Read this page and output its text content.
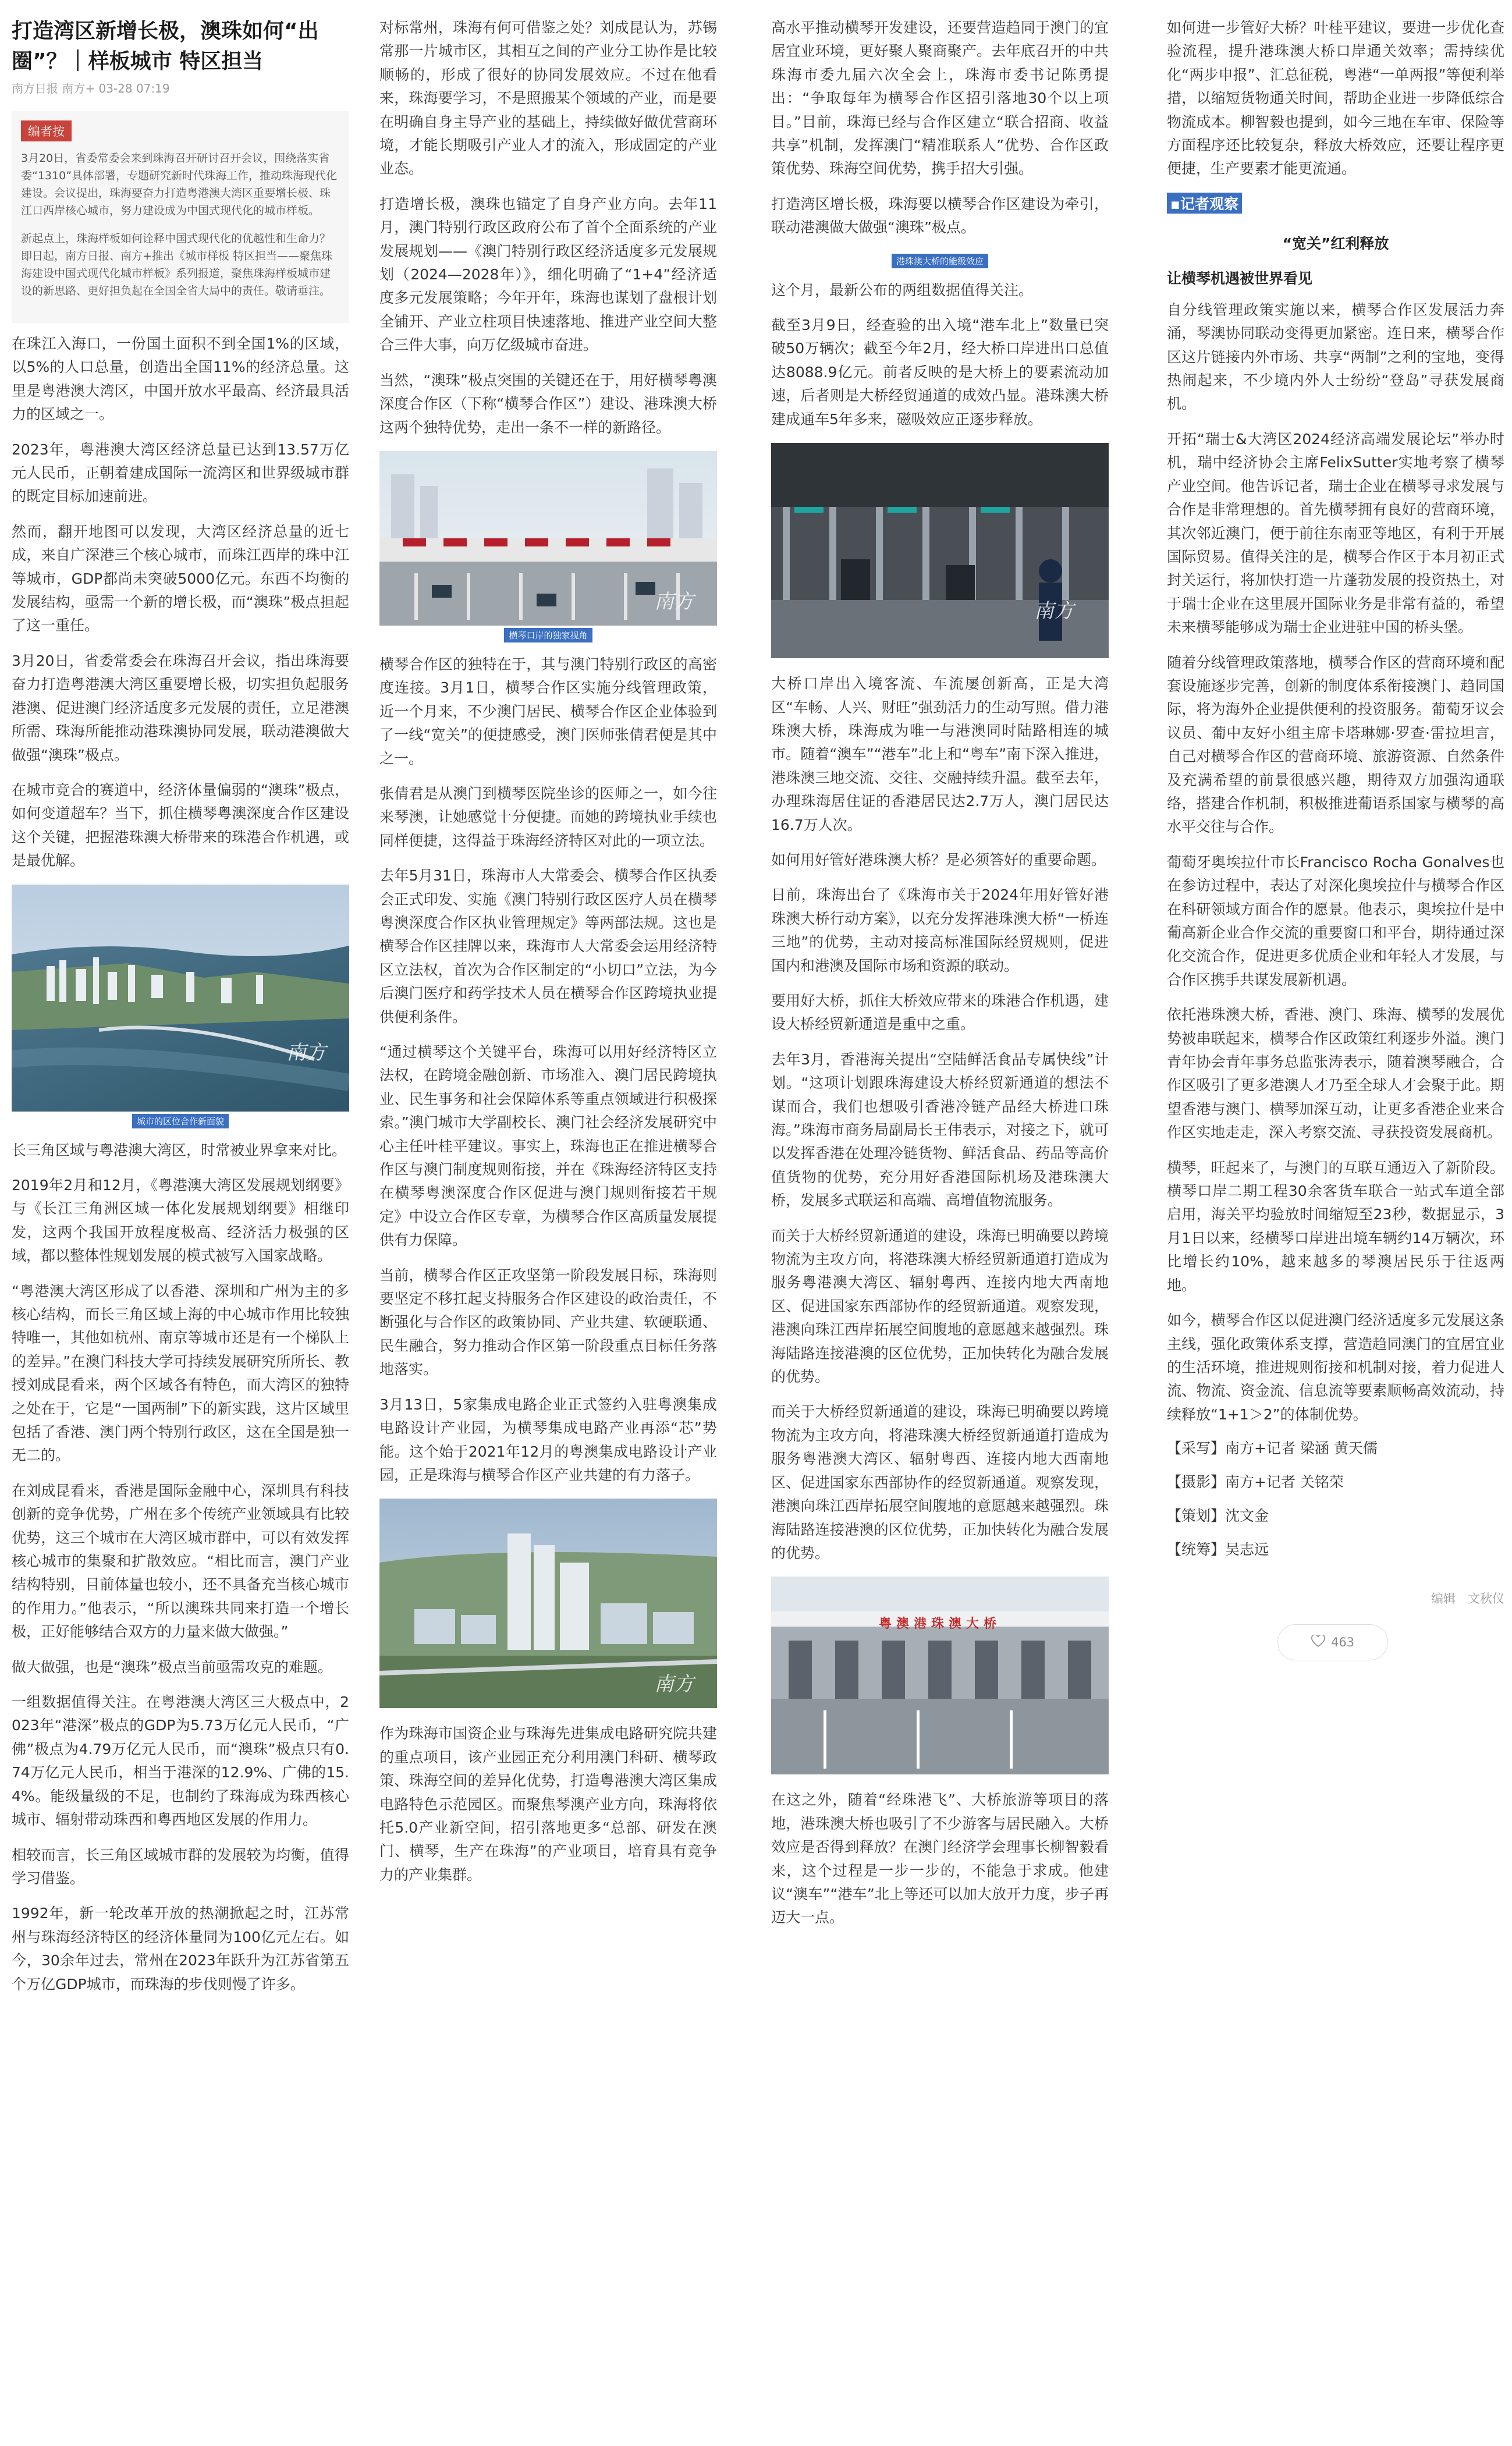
打造湾区新增长极，澳珠如何“出圈”？｜样板城市 特区担当
南方日报 南方+ 03-28 07:19
编者按

3月20日，省委常委会来到珠海召开研讨召开会议，围绕落实省委“1310”具体部署，专题研究新时代珠海工作，推动珠海现代化建设。会议提出，珠海要奋力打造粤港澳大湾区重要增长极、珠江口西岸核心城市，努力建设成为中国式现代化的城市样板。

新起点上，珠海样板如何诠释中国式现代化的优越性和生命力？即日起，南方日报、南方+推出《城市样板 特区担当——聚焦珠海建设中国式现代化城市样板》系列报道，聚焦珠海样板城市建设的新思路、更好担负起在全国全省大局中的责任。敬请垂注。

在珠江入海口，一份国土面积不到全国1%的区域，以5%的人口总量，创造出全国11%的经济总量。这里是粤港澳大湾区，中国开放水平最高、经济最具活力的区域之一。

2023年，粤港澳大湾区经济总量已达到13.57万亿元人民币，正朝着建成国际一流湾区和世界级城市群的既定目标加速前进。

然而，翻开地图可以发现，大湾区经济总量的近七成，来自广深港三个核心城市，而珠江西岸的珠中江等城市，GDP都尚未突破5000亿元。东西不均衡的发展结构，亟需一个新的增长极，而“澳珠”极点担起了这一重任。

3月20日，省委常委会在珠海召开会议，指出珠海要奋力打造粤港澳大湾区重要增长极，切实担负起服务港澳、促进澳门经济适度多元发展的责任，立足港澳所需、珠海所能推动港珠澳协同发展，联动港澳做大做强“澳珠”极点。

在城市竞合的赛道中，经济体量偏弱的“澳珠”极点，如何变道超车？当下，抓住横琴粤澳深度合作区建设这个关键，把握港珠澳大桥带来的珠港合作机遇，或是最优解。

南方
城市的区位合作新面貌

长三角区域与粤港澳大湾区，时常被业界拿来对比。

2019年2月和12月，《粤港澳大湾区发展规划纲要》与《长江三角洲区域一体化发展规划纲要》相继印发，这两个我国开放程度极高、经济活力极强的区域，都以整体性规划发展的模式被写入国家战略。

“粤港澳大湾区形成了以香港、深圳和广州为主的多核心结构，而长三角区域上海的中心城市作用比较独特唯一，其他如杭州、南京等城市还是有一个梯队上的差异。”在澳门科技大学可持续发展研究所所长、教授刘成昆看来，两个区域各有特色，而大湾区的独特之处在于，它是“一国两制”下的新实践，这片区域里包括了香港、澳门两个特别行政区，这在全国是独一无二的。

在刘成昆看来，香港是国际金融中心，深圳具有科技创新的竞争优势，广州在多个传统产业领域具有比较优势，这三个城市在大湾区城市群中，可以有效发挥核心城市的集聚和扩散效应。“相比而言，澳门产业结构特别，目前体量也较小，还不具备充当核心城市的作用力。”他表示，“所以澳珠共同来打造一个增长极，正好能够结合双方的力量来做大做强。”

做大做强，也是“澳珠”极点当前亟需攻克的难题。

一组数据值得关注。在粤港澳大湾区三大极点中，2023年“港深”极点的GDP为5.73万亿元人民币，“广佛”极点为4.79万亿元人民币，而“澳珠”极点只有0.74万亿元人民币，相当于港深的12.9%、广佛的15.4%。能级量级的不足，也制约了珠海成为珠西核心城市、辐射带动珠西和粤西地区发展的作用力。

相较而言，长三角区域城市群的发展较为均衡，值得学习借鉴。

1992年，新一轮改革开放的热潮掀起之时，江苏常州与珠海经济特区的经济体量同为100亿元左右。如今，30余年过去，常州在2023年跃升为江苏省第五个万亿GDP城市，而珠海的步伐则慢了许多。

对标常州，珠海有何可借鉴之处？刘成昆认为，苏锡常那一片城市区，其相互之间的产业分工协作是比较顺畅的，形成了很好的协同发展效应。不过在他看来，珠海要学习，不是照搬某个领域的产业，而是要在明确自身主导产业的基础上，持续做好做优营商环境，才能长期吸引产业人才的流入，形成固定的产业业态。

打造增长极，澳珠也锚定了自身产业方向。去年11月，澳门特别行政区政府公布了首个全面系统的产业发展规划——《澳门特别行政区经济适度多元发展规划（2024—2028年）》，细化明确了“1+4”经济适度多元发展策略；今年开年，珠海也谋划了盘根计划全铺开、产业立柱项目快速落地、推进产业空间大整合三件大事，向万亿级城市奋进。

当然，“澳珠”极点突围的关键还在于，用好横琴粤澳深度合作区（下称“横琴合作区”）建设、港珠澳大桥这两个独特优势，走出一条不一样的新路径。

南方
横琴口岸的独家视角

横琴合作区的独特在于，其与澳门特别行政区的高密度连接。3月1日，横琴合作区实施分线管理政策，近一个月来，不少澳门居民、横琴合作区企业体验到了一线“宽关”的便捷感受，澳门医师张倩君便是其中之一。

张倩君是从澳门到横琴医院坐诊的医师之一，如今往来琴澳，让她感觉十分便捷。而她的跨境执业手续也同样便捷，这得益于珠海经济特区对此的一项立法。

去年5月31日，珠海市人大常委会、横琴合作区执委会正式印发、实施《澳门特别行政区医疗人员在横琴粤澳深度合作区执业管理规定》等两部法规。这也是横琴合作区挂牌以来，珠海市人大常委会运用经济特区立法权，首次为合作区制定的“小切口”立法，为今后澳门医疗和药学技术人员在横琴合作区跨境执业提供便利条件。

“通过横琴这个关键平台，珠海可以用好经济特区立法权，在跨境金融创新、市场准入、澳门居民跨境执业、民生事务和社会保障体系等重点领域进行积极探索。”澳门城市大学副校长、澳门社会经济发展研究中心主任叶桂平建议。事实上，珠海也正在推进横琴合作区与澳门制度规则衔接，并在《珠海经济特区支持在横琴粤澳深度合作区促进与澳门规则衔接若干规定》中设立合作区专章，为横琴合作区高质量发展提供有力保障。

当前，横琴合作区正攻坚第一阶段发展目标，珠海则要坚定不移扛起支持服务合作区建设的政治责任，不断强化与合作区的政策协同、产业共建、软硬联通、民生融合，努力推动合作区第一阶段重点目标任务落地落实。

3月13日，5家集成电路企业正式签约入驻粤澳集成电路设计产业园，为横琴集成电路产业再添“芯”势能。这个始于2021年12月的粤澳集成电路设计产业园，正是珠海与横琴合作区产业共建的有力落子。

南方

作为珠海市国资企业与珠海先进集成电路研究院共建的重点项目，该产业园正充分利用澳门科研、横琴政策、珠海空间的差异化优势，打造粤港澳大湾区集成电路特色示范园区。而聚焦琴澳产业方向，珠海将依托5.0产业新空间，招引落地更多“总部、研发在澳门、横琴，生产在珠海”的产业项目，培育具有竞争力的产业集群。

高水平推动横琴开发建设，还要营造趋同于澳门的宜居宜业环境，更好聚人聚商聚产。去年底召开的中共珠海市委九届六次全会上，珠海市委书记陈勇提出：“争取每年为横琴合作区招引落地30个以上项目。”目前，珠海已经与合作区建立“联合招商、收益共享”机制，发挥澳门“精准联系人”优势、合作区政策优势、珠海空间优势，携手招大引强。

打造湾区增长极，珠海要以横琴合作区建设为牵引，联动港澳做大做强“澳珠”极点。

港珠澳大桥的能级效应

这个月，最新公布的两组数据值得关注。

截至3月9日，经查验的出入境“港车北上”数量已突破50万辆次；截至今年2月，经大桥口岸进出口总值达8088.9亿元。前者反映的是大桥上的要素流动加速，后者则是大桥经贸通道的成效凸显。港珠澳大桥建成通车5年多来，磁吸效应正逐步释放。

南方

大桥口岸出入境客流、车流屡创新高，正是大湾区“车畅、人兴、财旺”强劲活力的生动写照。借力港珠澳大桥，珠海成为唯一与港澳同时陆路相连的城市。随着“澳车”“港车”北上和“粤车”南下深入推进，港珠澳三地交流、交往、交融持续升温。截至去年，办理珠海居住证的香港居民达2.7万人，澳门居民达16.7万人次。

如何用好管好港珠澳大桥？是必须答好的重要命题。

日前，珠海出台了《珠海市关于2024年用好管好港珠澳大桥行动方案》，以充分发挥港珠澳大桥“一桥连三地”的优势，主动对接高标准国际经贸规则，促进国内和港澳及国际市场和资源的联动。

要用好大桥，抓住大桥效应带来的珠港合作机遇，建设大桥经贸新通道是重中之重。

去年3月，香港海关提出“空陆鲜活食品专属快线”计划。“这项计划跟珠海建设大桥经贸新通道的想法不谋而合，我们也想吸引香港冷链产品经大桥进口珠海。”珠海市商务局副局长王伟表示，对接之下，就可以发挥香港在处理冷链货物、鲜活食品、药品等高价值货物的优势，充分用好香港国际机场及港珠澳大桥，发展多式联运和高端、高增值物流服务。

而关于大桥经贸新通道的建设，珠海已明确要以跨境物流为主攻方向，将港珠澳大桥经贸新通道打造成为服务粤港澳大湾区、辐射粤西、连接内地大西南地区、促进国家东西部协作的经贸新通道。观察发现，港澳向珠江西岸拓展空间腹地的意愿越来越强烈。珠海陆路连接港澳的区位优势，正加快转化为融合发展的优势。

而关于大桥经贸新通道的建设，珠海已明确要以跨境物流为主攻方向，将港珠澳大桥经贸新通道打造成为服务粤港澳大湾区、辐射粤西、连接内地大西南地区、促进国家东西部协作的经贸新通道。观察发现，港澳向珠江西岸拓展空间腹地的意愿越来越强烈。珠海陆路连接港澳的区位优势，正加快转化为融合发展的优势。

粤澳港珠澳大桥

在这之外，随着“经珠港飞”、大桥旅游等项目的落地，港珠澳大桥也吸引了不少游客与居民融入。大桥效应是否得到释放？在澳门经济学会理事长柳智毅看来，这个过程是一步一步的，不能急于求成。他建议“澳车”“港车”北上等还可以加大放开力度，步子再迈大一点。

如何进一步管好大桥？叶桂平建议，要进一步优化查验流程，提升港珠澳大桥口岸通关效率；需持续优化“两步申报”、汇总征税，粤港“一单两报”等便利举措，以缩短货物通关时间，帮助企业进一步降低综合物流成本。柳智毅也提到，如今三地在车审、保险等方面程序还比较复杂，释放大桥效应，还要让程序更便捷，生产要素才能更流通。

▪记者观察
“宽关”红利释放
让横琴机遇被世界看见

自分线管理政策实施以来，横琴合作区发展活力奔涌，琴澳协同联动变得更加紧密。连日来，横琴合作区这片链接内外市场、共享“两制”之利的宝地，变得热闹起来，不少境内外人士纷纷“登岛”寻获发展商机。

开拓“瑞士&大湾区2024经济高端发展论坛”举办时机，瑞中经济协会主席FelixSutter实地考察了横琴产业空间。他告诉记者，瑞士企业在横琴寻求发展与合作是非常理想的。首先横琴拥有良好的营商环境，其次邻近澳门，便于前往东南亚等地区，有利于开展国际贸易。值得关注的是，横琴合作区于本月初正式封关运行，将加快打造一片蓬勃发展的投资热土，对于瑞士企业在这里展开国际业务是非常有益的，希望未来横琴能够成为瑞士企业进驻中国的桥头堡。

随着分线管理政策落地，横琴合作区的营商环境和配套设施逐步完善，创新的制度体系衔接澳门、趋同国际，将为海外企业提供便利的投资服务。葡萄牙议会议员、葡中友好小组主席卡塔琳娜·罗查·雷拉坦言，自己对横琴合作区的营商环境、旅游资源、自然条件及充满希望的前景很感兴趣，期待双方加强沟通联络，搭建合作机制，积极推进葡语系国家与横琴的高水平交往与合作。

葡萄牙奥埃拉什市长Francisco Rocha Gonalves也在参访过程中，表达了对深化奥埃拉什与横琴合作区在科研领域方面合作的愿景。他表示，奥埃拉什是中葡高新企业合作交流的重要窗口和平台，期待通过深化交流合作，促进更多优质企业和年轻人才发展，与合作区携手共谋发展新机遇。

依托港珠澳大桥，香港、澳门、珠海、横琴的发展优势被串联起来，横琴合作区政策红利逐步外溢。澳门青年协会青年事务总监张涛表示，随着澳琴融合，合作区吸引了更多港澳人才乃至全球人才会聚于此。期望香港与澳门、横琴加深互动，让更多香港企业来合作区实地走走，深入考察交流、寻获投资发展商机。

横琴，旺起来了，与澳门的互联互通迈入了新阶段。横琴口岸二期工程30余客货车联合一站式车道全部启用，海关平均验放时间缩短至23秒，数据显示，3月1日以来，经横琴口岸进出境车辆约14万辆次，环比增长约10%，越来越多的琴澳居民乐于往返两地。

如今，横琴合作区以促进澳门经济适度多元发展这条主线，强化政策体系支撑，营造趋同澳门的宜居宜业的生活环境，推进规则衔接和机制对接，着力促进人流、物流、资金流、信息流等要素顺畅高效流动，持续释放“1+1＞2”的体制优势。

【采写】南方+记者 梁涵 黄天儒
【摄影】南方+记者 关铭荣
【策划】沈文金
【统筹】吴志远
编辑　文秋仪
463
